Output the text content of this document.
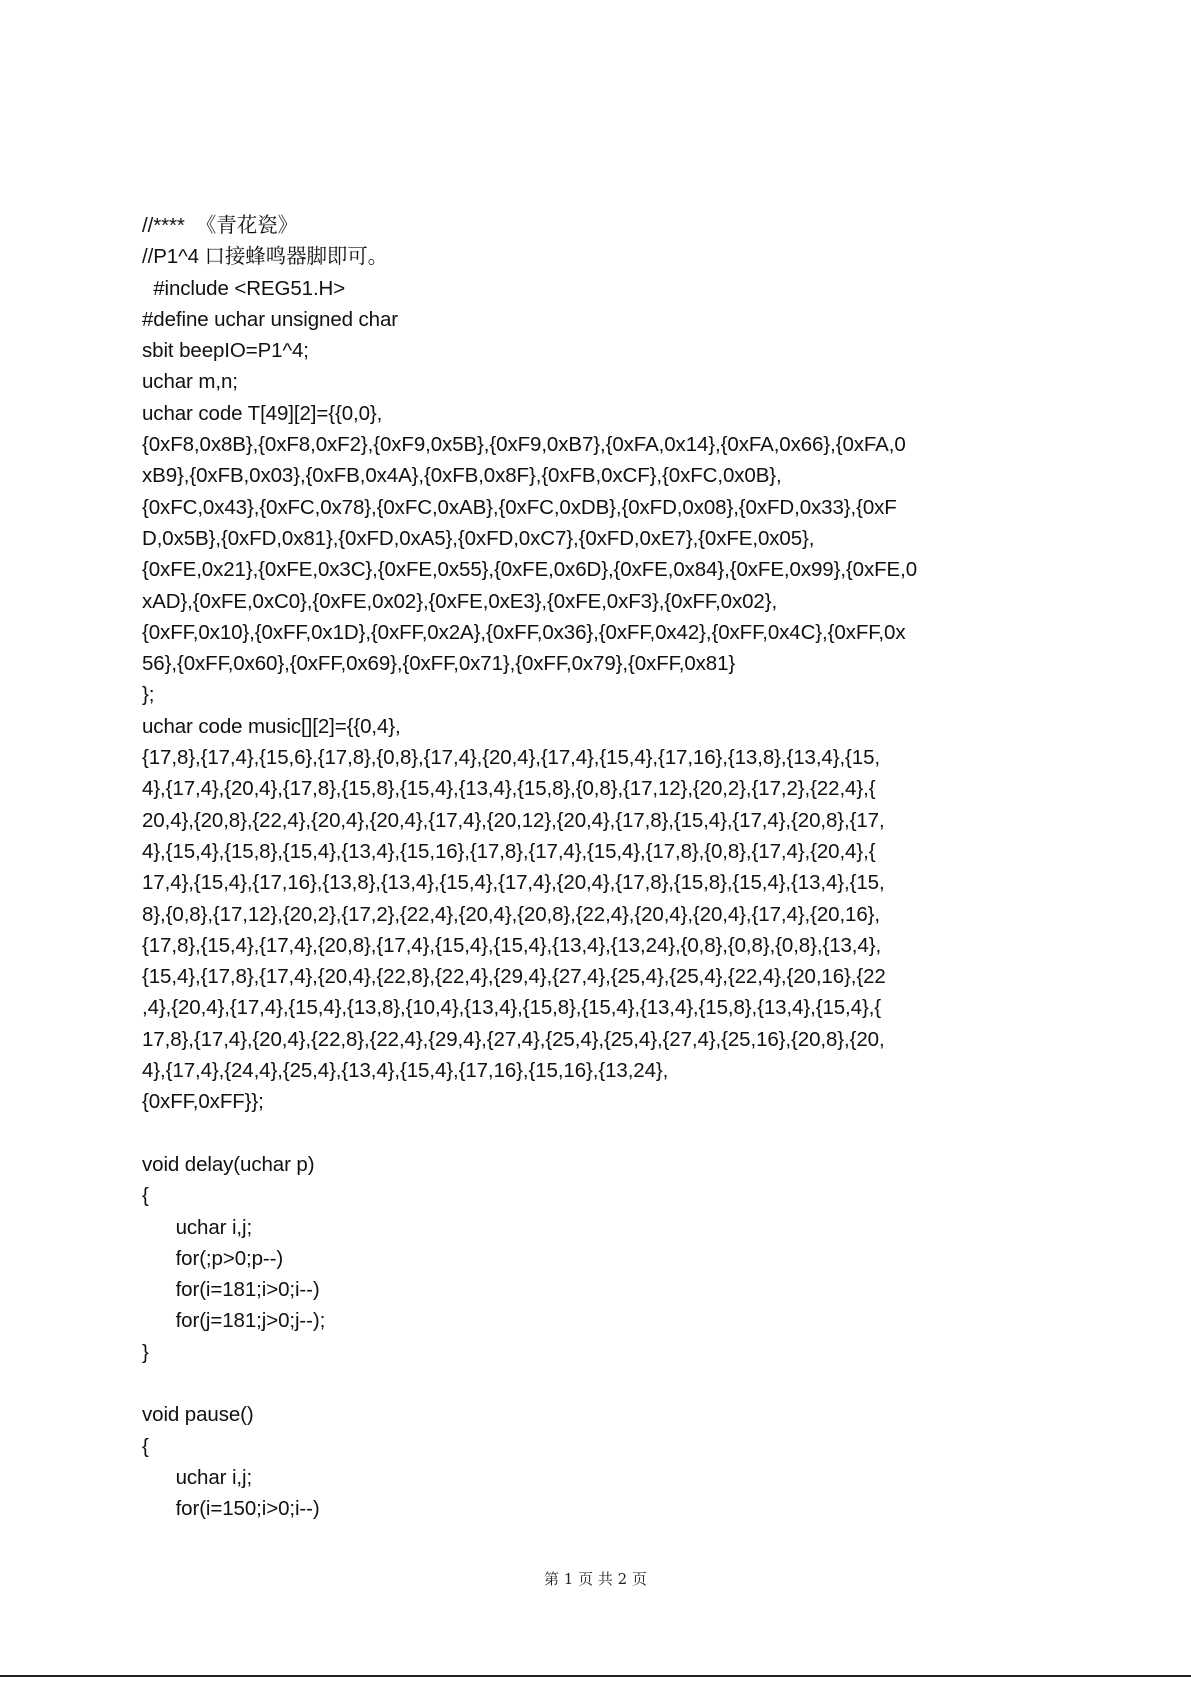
//****  《青花瓷》
//P1^4 口接蜂鸣器脚即可。
#include <REG51.H>
#define uchar unsigned char
sbit beepIO=P1^4;
uchar m,n;
uchar code T[49][2]={{0,0},
{0xF8,0x8B},{0xF8,0xF2},{0xF9,0x5B},{0xF9,0xB7},{0xFA,0x14},{0xFA,0x66},{0xFA,0
xB9},{0xFB,0x03},{0xFB,0x4A},{0xFB,0x8F},{0xFB,0xCF},{0xFC,0x0B},
{0xFC,0x43},{0xFC,0x78},{0xFC,0xAB},{0xFC,0xDB},{0xFD,0x08},{0xFD,0x33},{0xF
D,0x5B},{0xFD,0x81},{0xFD,0xA5},{0xFD,0xC7},{0xFD,0xE7},{0xFE,0x05},
{0xFE,0x21},{0xFE,0x3C},{0xFE,0x55},{0xFE,0x6D},{0xFE,0x84},{0xFE,0x99},{0xFE,0
xAD},{0xFE,0xC0},{0xFE,0x02},{0xFE,0xE3},{0xFE,0xF3},{0xFF,0x02},
{0xFF,0x10},{0xFF,0x1D},{0xFF,0x2A},{0xFF,0x36},{0xFF,0x42},{0xFF,0x4C},{0xFF,0x
56},{0xFF,0x60},{0xFF,0x69},{0xFF,0x71},{0xFF,0x79},{0xFF,0x81}
};
uchar code music[][2]={{0,4},
{17,8},{17,4},{15,6},{17,8},{0,8},{17,4},{20,4},{17,4},{15,4},{17,16},{13,8},{13,4},{15,
4},{17,4},{20,4},{17,8},{15,8},{15,4},{13,4},{15,8},{0,8},{17,12},{20,2},{17,2},{22,4},{
20,4},{20,8},{22,4},{20,4},{20,4},{17,4},{20,12},{20,4},{17,8},{15,4},{17,4},{20,8},{17,
4},{15,4},{15,8},{15,4},{13,4},{15,16},{17,8},{17,4},{15,4},{17,8},{0,8},{17,4},{20,4},{
17,4},{15,4},{17,16},{13,8},{13,4},{15,4},{17,4},{20,4},{17,8},{15,8},{15,4},{13,4},{15,
8},{0,8},{17,12},{20,2},{17,2},{22,4},{20,4},{20,8},{22,4},{20,4},{20,4},{17,4},{20,16},
{17,8},{15,4},{17,4},{20,8},{17,4},{15,4},{15,4},{13,4},{13,24},{0,8},{0,8},{0,8},{13,4},
{15,4},{17,8},{17,4},{20,4},{22,8},{22,4},{29,4},{27,4},{25,4},{25,4},{22,4},{20,16},{22
,4},{20,4},{17,4},{15,4},{13,8},{10,4},{13,4},{15,8},{15,4},{13,4},{15,8},{13,4},{15,4},{
17,8},{17,4},{20,4},{22,8},{22,4},{29,4},{27,4},{25,4},{25,4},{27,4},{25,16},{20,8},{20,
4},{17,4},{24,4},{25,4},{13,4},{15,4},{17,16},{15,16},{13,24},
{0xFF,0xFF}};
void delay(uchar p)
{
uchar i,j;
for(;p>0;p--)
for(i=181;i>0;i--)
for(j=181;j>0;j--);
}
void pause()
{
uchar i,j;
for(i=150;i>0;i--)
第 1 页 共 2 页
